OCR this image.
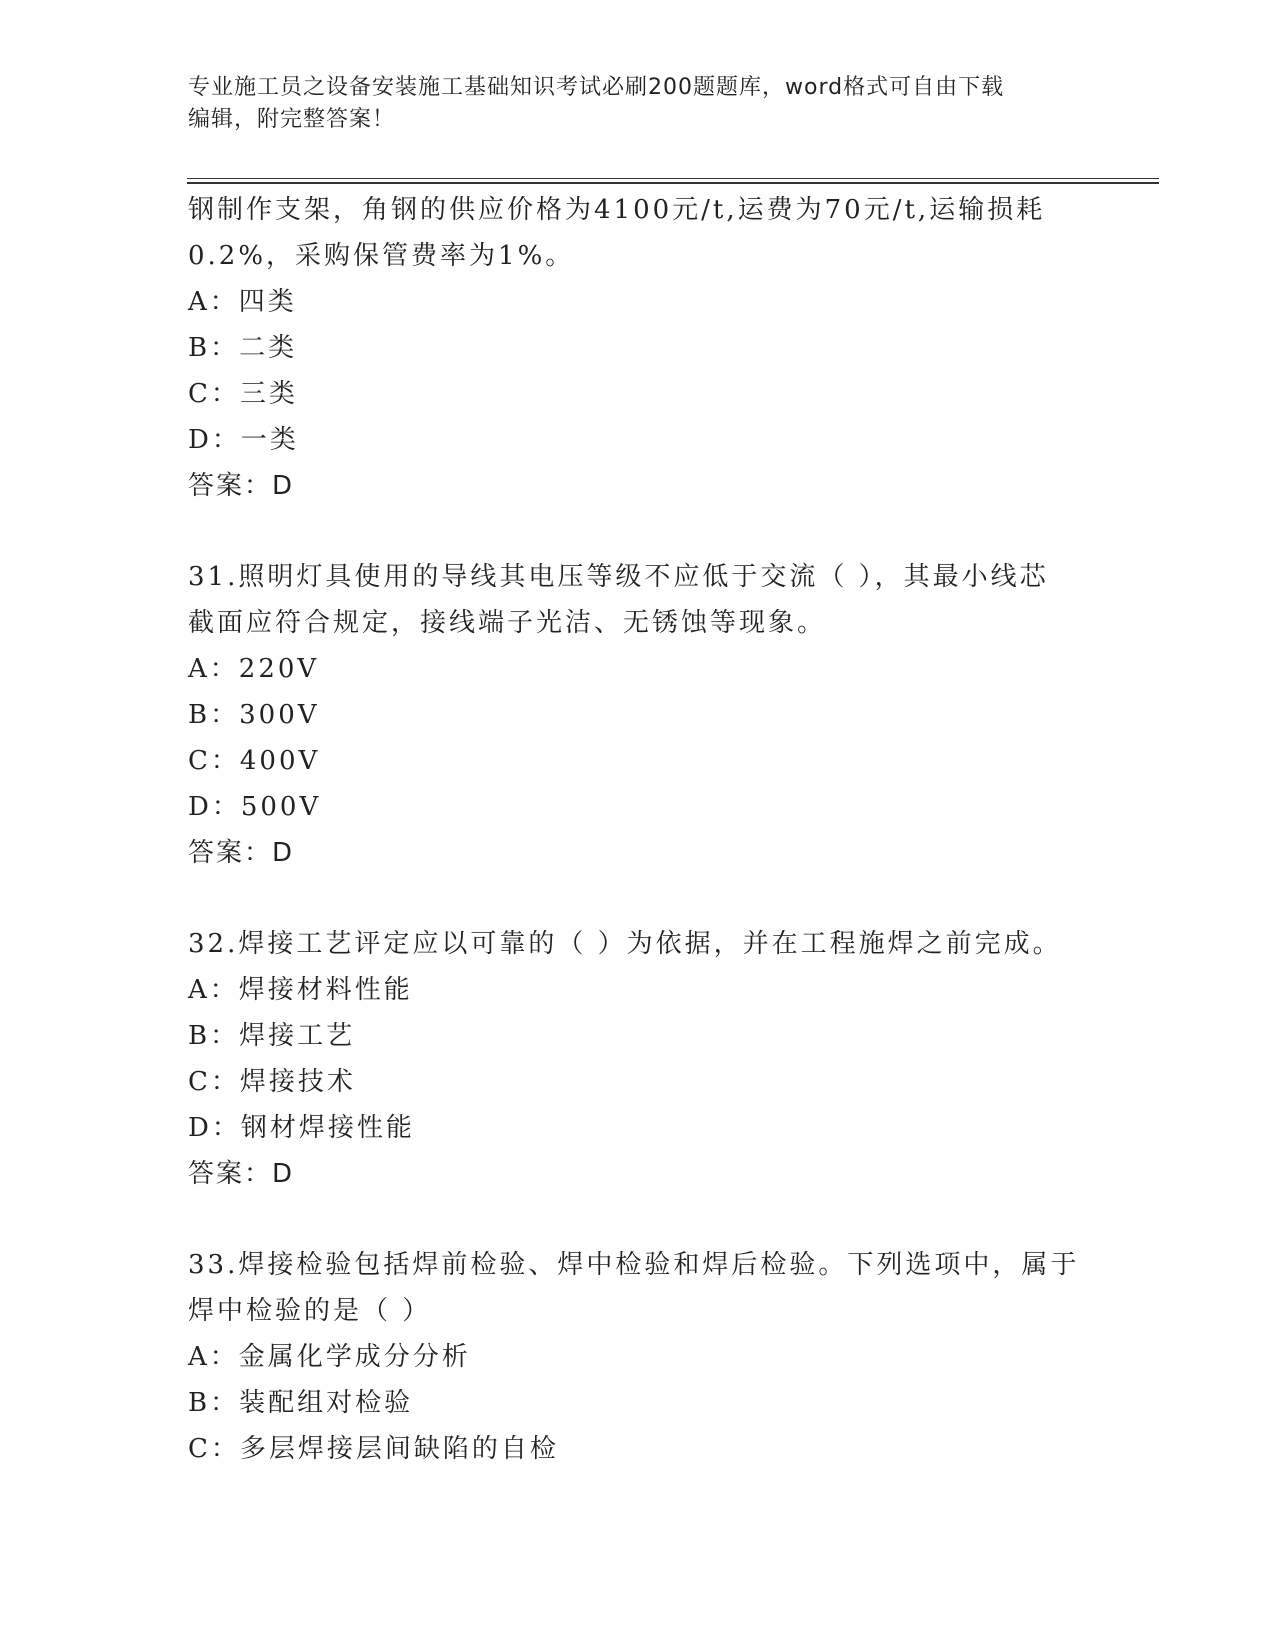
专业施工员之设备安装施工基础知识考试必刷200题题库，word格式可自由下载
编辑，附完整答案！
钢制作支架，角钢的供应价格为4100元/t,运费为70元/t,运输损耗
0.2%，采购保管费率为1%。
A：四类
B：二类
C：三类
D：一类
答案：D
31.照明灯具使用的导线其电压等级不应低于交流（ ），其最小线芯
截面应符合规定，接线端子光洁、无锈蚀等现象。
A：220V
B：300V
C：400V
D：500V
答案：D
32.焊接工艺评定应以可靠的（ ）为依据，并在工程施焊之前完成。
A：焊接材料性能
B：焊接工艺
C：焊接技术
D：钢材焊接性能
答案：D
33.焊接检验包括焊前检验、焊中检验和焊后检验。下列选项中，属于
焊中检验的是（ ）
A：金属化学成分分析
B：装配组对检验
C：多层焊接层间缺陷的自检
